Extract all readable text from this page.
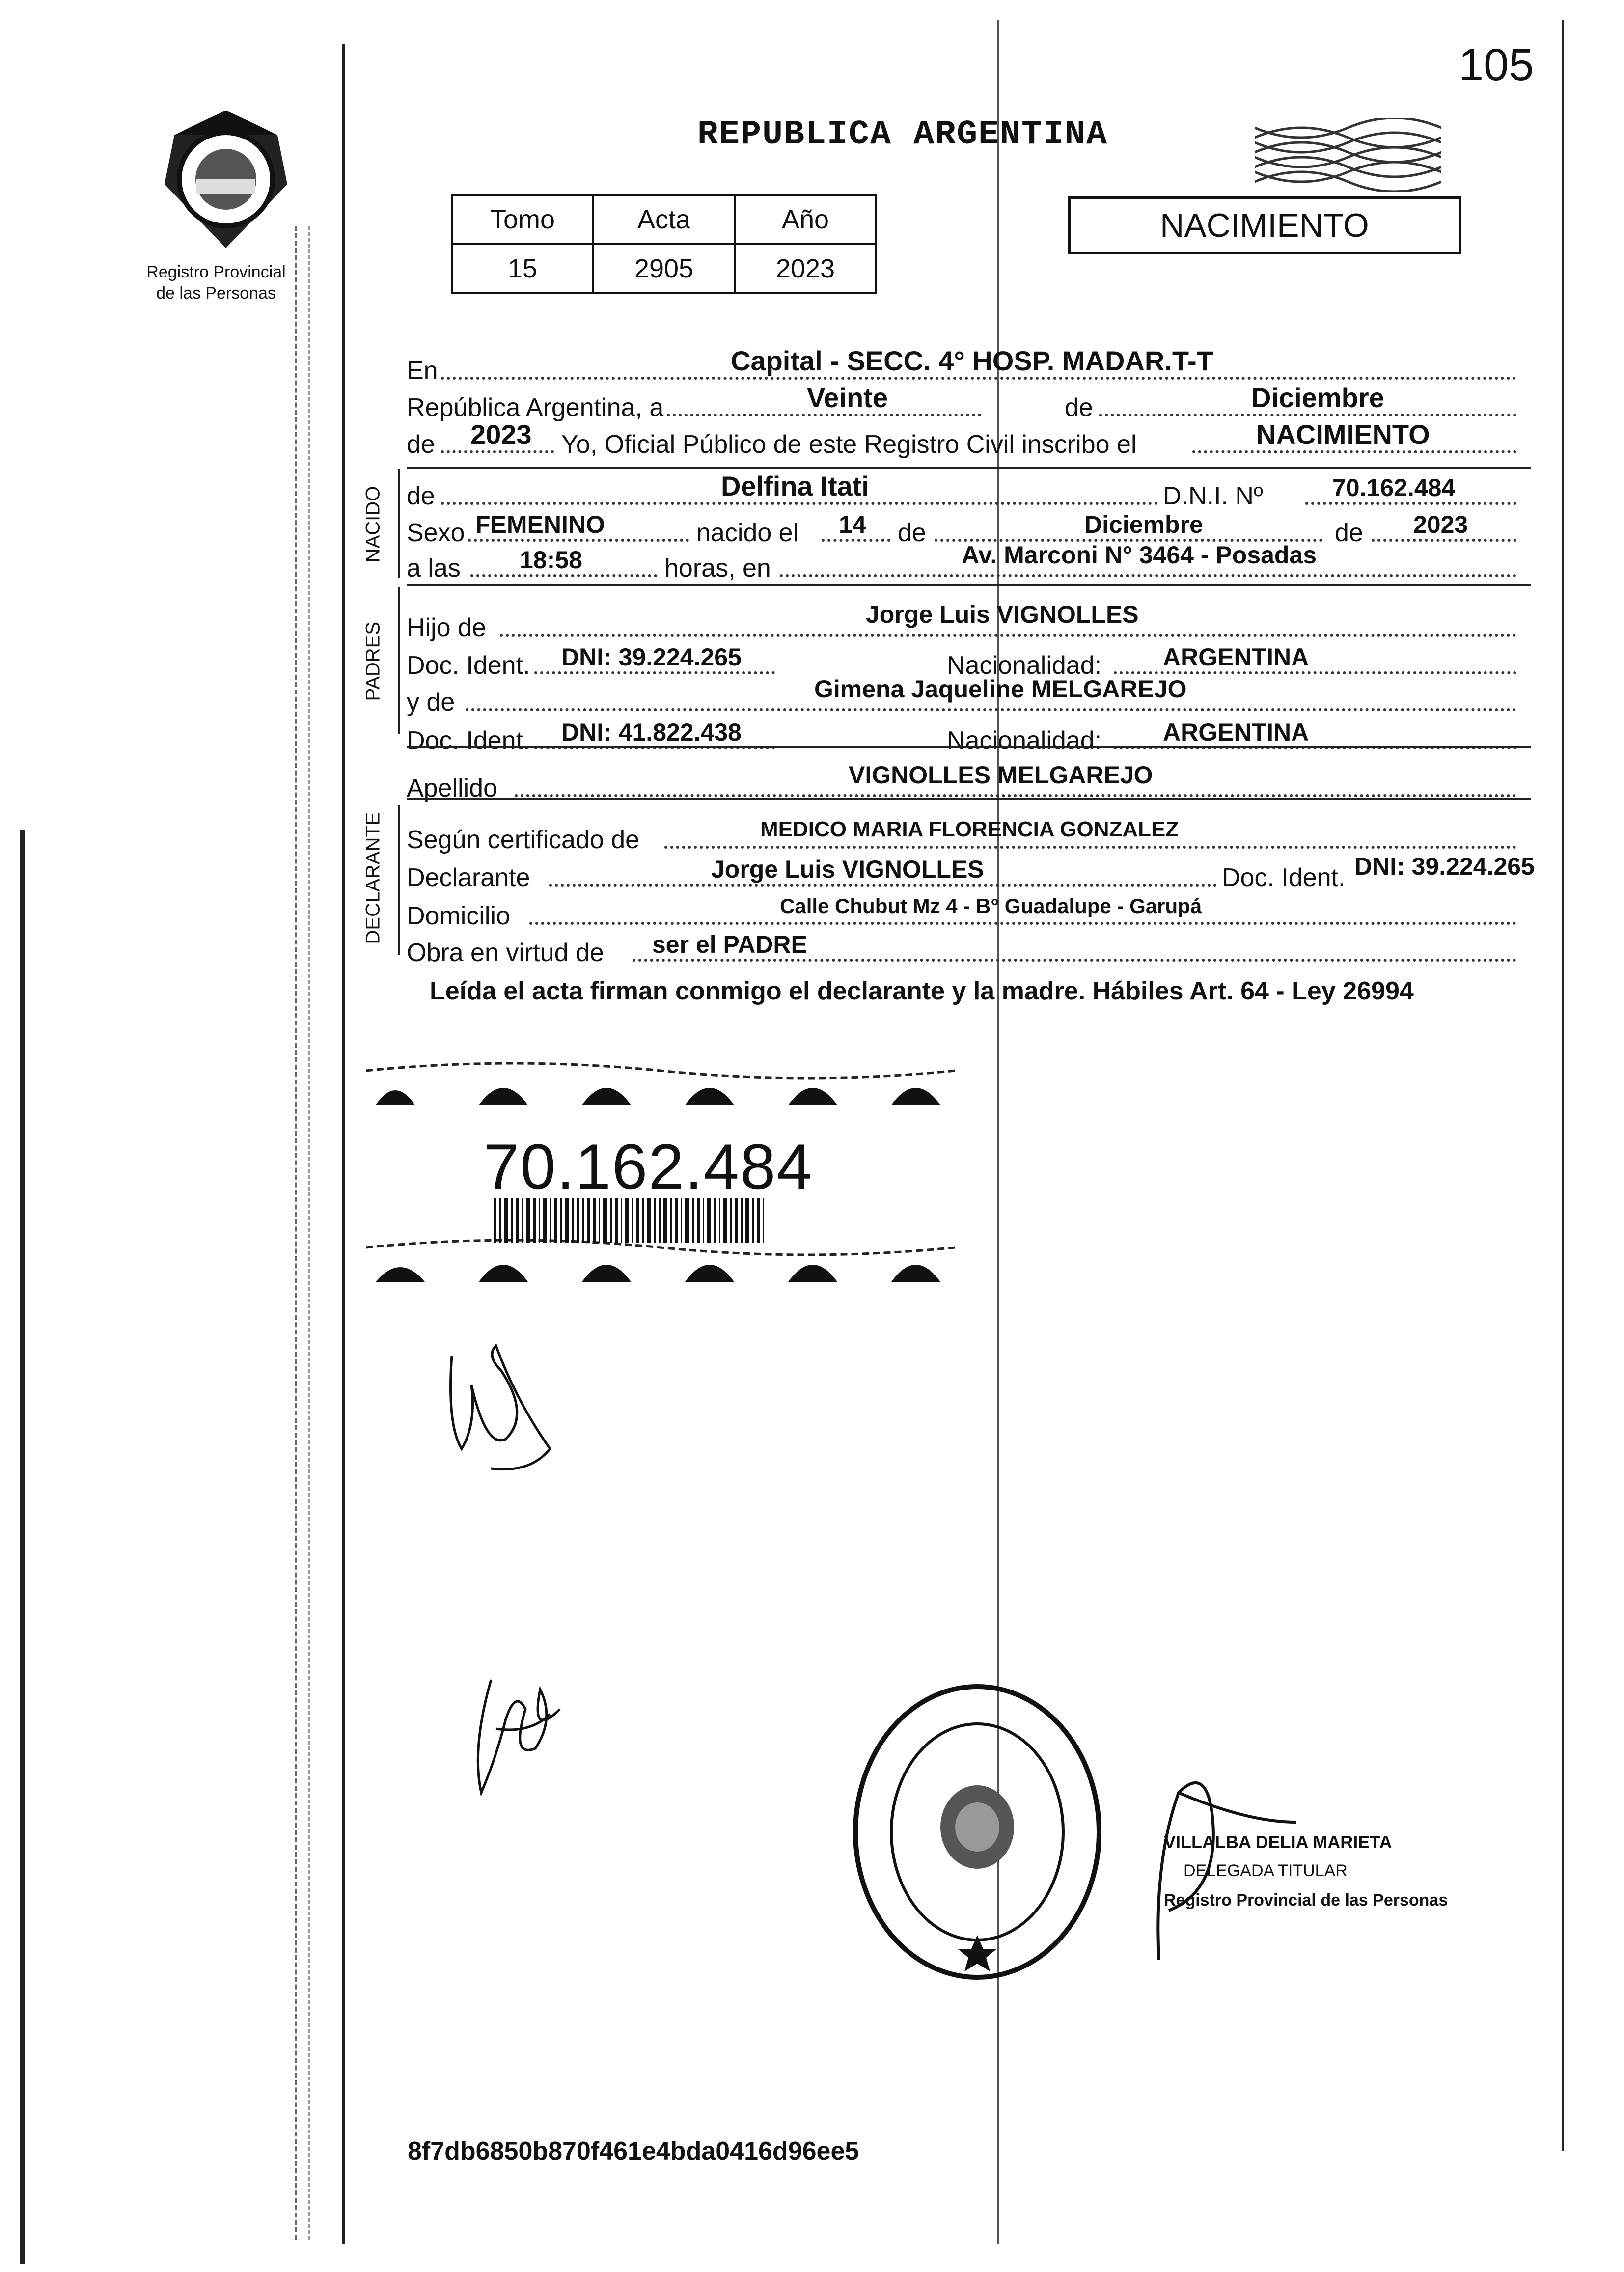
105
Registro Provincial
de las Personas
REPUBLICA ARGENTINA
Tomo	Acta	Año
15	2905	2023
NACIMIENTO
En	Capital - SECC. 4° HOSP. MADAR.T-T
República Argentina, a	Veinte	de	Diciembre
de 2023 Yo, Oficial Público de este Registro Civil inscribo el	NACIMIENTO
NACIDO de	Delfina Itati	D.N.I. Nº	70.162.484
Sexo FEMENINO	nacido el 14 de	Diciembre	de 2023
a las 18:58	horas, en	Av. Marconi N° 3464 - Posadas
PADRES Hijo de	Jorge Luis VIGNOLLES
Doc. Ident. DNI: 39.224.265	Nacionalidad: ARGENTINA
y de	Gimena Jaqueline MELGAREJO
Doc. Ident. DNI: 41.822.438	Nacionalidad: ARGENTINA
Apellido	VIGNOLLES MELGAREJO
DECLARANTE Según certificado de	MEDICO MARIA FLORENCIA GONZALEZ
Declarante	Jorge Luis VIGNOLLES	Doc. Ident. DNI: 39.224.265
Domicilio	Calle Chubut Mz 4 - B° Guadalupe - Garupá
Obra en virtud de ser el PADRE
Leída el acta firman conmigo el declarante y la madre. Hábiles Art. 64 - Ley 26994
70.162.484
VILLALBA DELIA MARIETA
DELEGADA TITULAR
Registro Provincial de las Personas
8f7db6850b870f461e4bda0416d96ee5
